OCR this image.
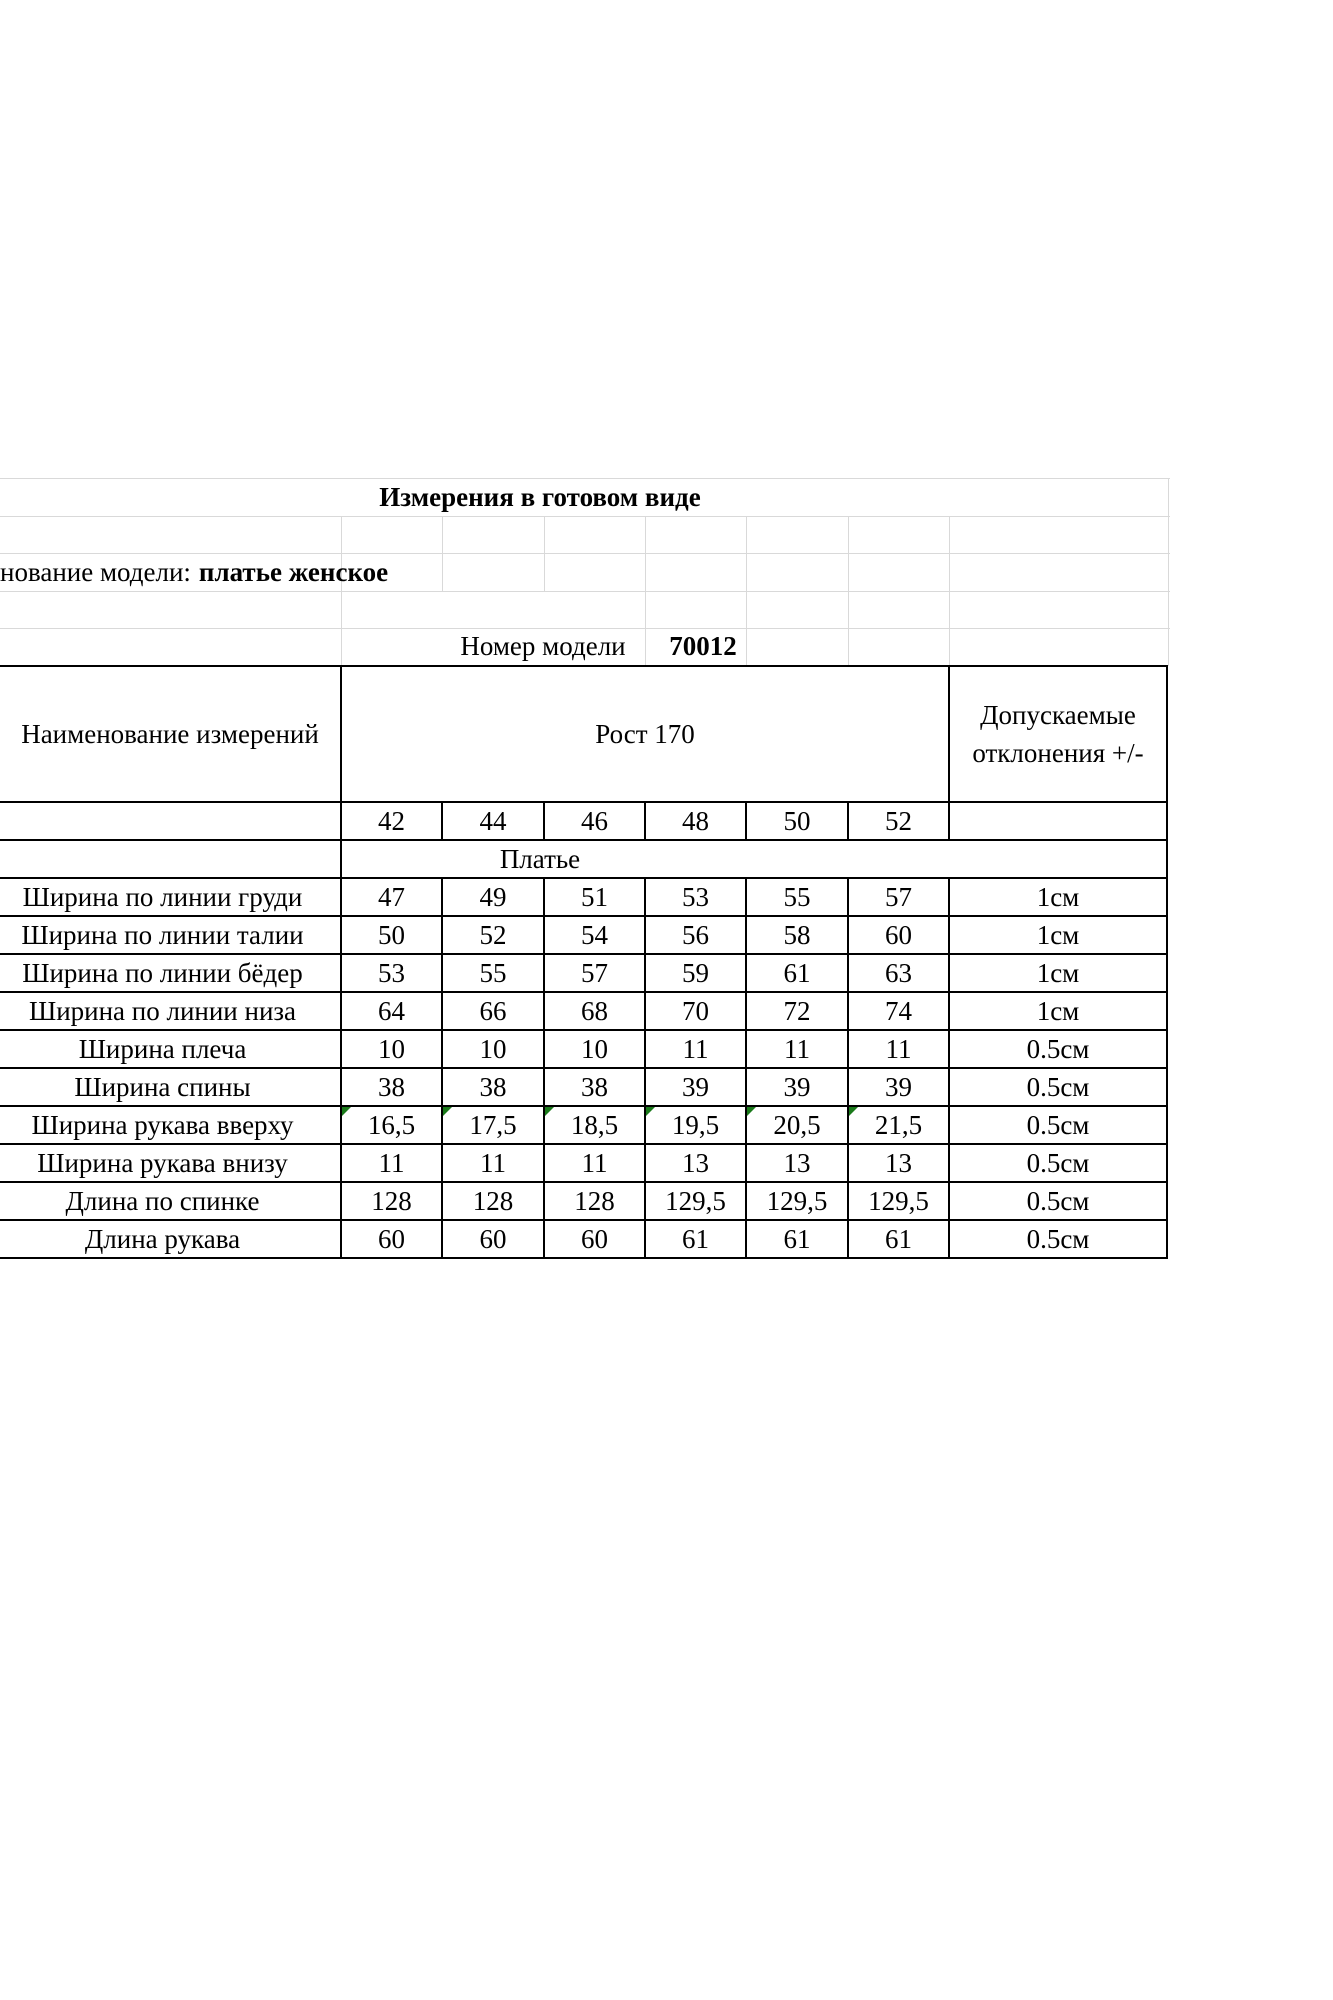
Измерения в готовом виде
нование модели: платье женское
Номер модели	70012
Наименование измерений	Рост 170
Допускаемые
отклонения +/-
42	44	46	48	50	52
Платье
Ширина по линии груди	47	49	51	53	55	57	1см
Ширина по линии талии	50	52	54	56	58	60	1см
Ширина по линии бёдер	53	55	57	59	61	63	1см
Ширина по линии низа	64	66	68	70	72	74	1см
Ширина плеча	10	10	10	11	11	11	0.5см
Ширина спины	38	38	38	39	39	39	0.5см
Ширина рукава вверху	16,5	17,5	18,5	19,5	20,5	21,5	0.5см
Ширина рукава внизу	11	11	11	13	13	13	0.5см
Длина по спинке	128	128	128	129,5	129,5	129,5	0.5см
Длина рукава	60	60	60	61	61	61	0.5см
